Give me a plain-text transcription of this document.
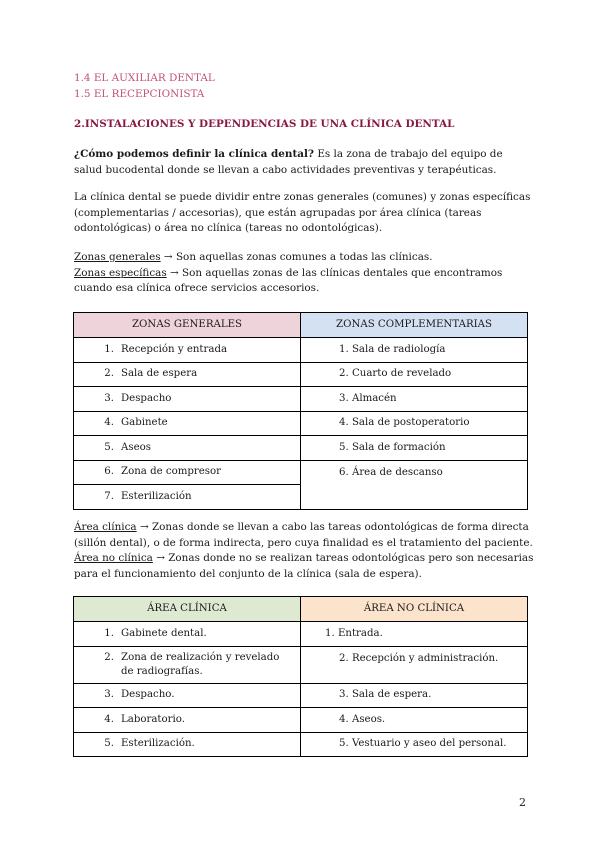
1.4 EL AUXILIAR DENTAL
1.5 EL RECEPCIONISTA
2.INSTALACIONES Y DEPENDENCIAS DE UNA CLÍNICA DENTAL

¿Cómo podemos definir la clínica dental? Es la zona de trabajo del equipo de salud bucodental donde se llevan a cabo actividades preventivas y terapéuticas.

La clínica dental se puede dividir entre zonas generales (comunes) y zonas específicas (complementarias / accesorias), que están agrupadas por área clínica (tareas odontológicas) o área no clínica (tareas no odontológicas).

Zonas generales → Son aquellas zonas comunes a todas las clínicas.
Zonas específicas → Son aquellas zonas de las clínicas dentales que encontramos cuando esa clínica ofrece servicios accesorios.

ZONAS GENERALES	ZONAS COMPLEMENTARIAS
1. Recepción y entrada	1. Sala de radiología
2. Sala de espera	2. Cuarto de revelado
3. Despacho	3. Almacén
4. Gabinete	4. Sala de postoperatorio
5. Aseos	5. Sala de formación
6. Zona de compresor	6. Área de descanso
7. Esterilización	

Área clínica → Zonas donde se llevan a cabo las tareas odontológicas de forma directa (sillón dental), o de forma indirecta, pero cuya finalidad es el tratamiento del paciente.
Área no clínica → Zonas donde no se realizan tareas odontológicas pero son necesarias para el funcionamiento del conjunto de la clínica (sala de espera).

ÁREA CLÍNICA	ÁREA NO CLÍNICA
1. Gabinete dental.	1. Entrada.

2. Zona de realización y revelado de radiografías.	2. Recepción y administración.
3. Despacho.	3. Sala de espera.
4. Laboratorio.	4. Aseos.
5. Esterilización.	5. Vestuario y aseo del personal.
2
